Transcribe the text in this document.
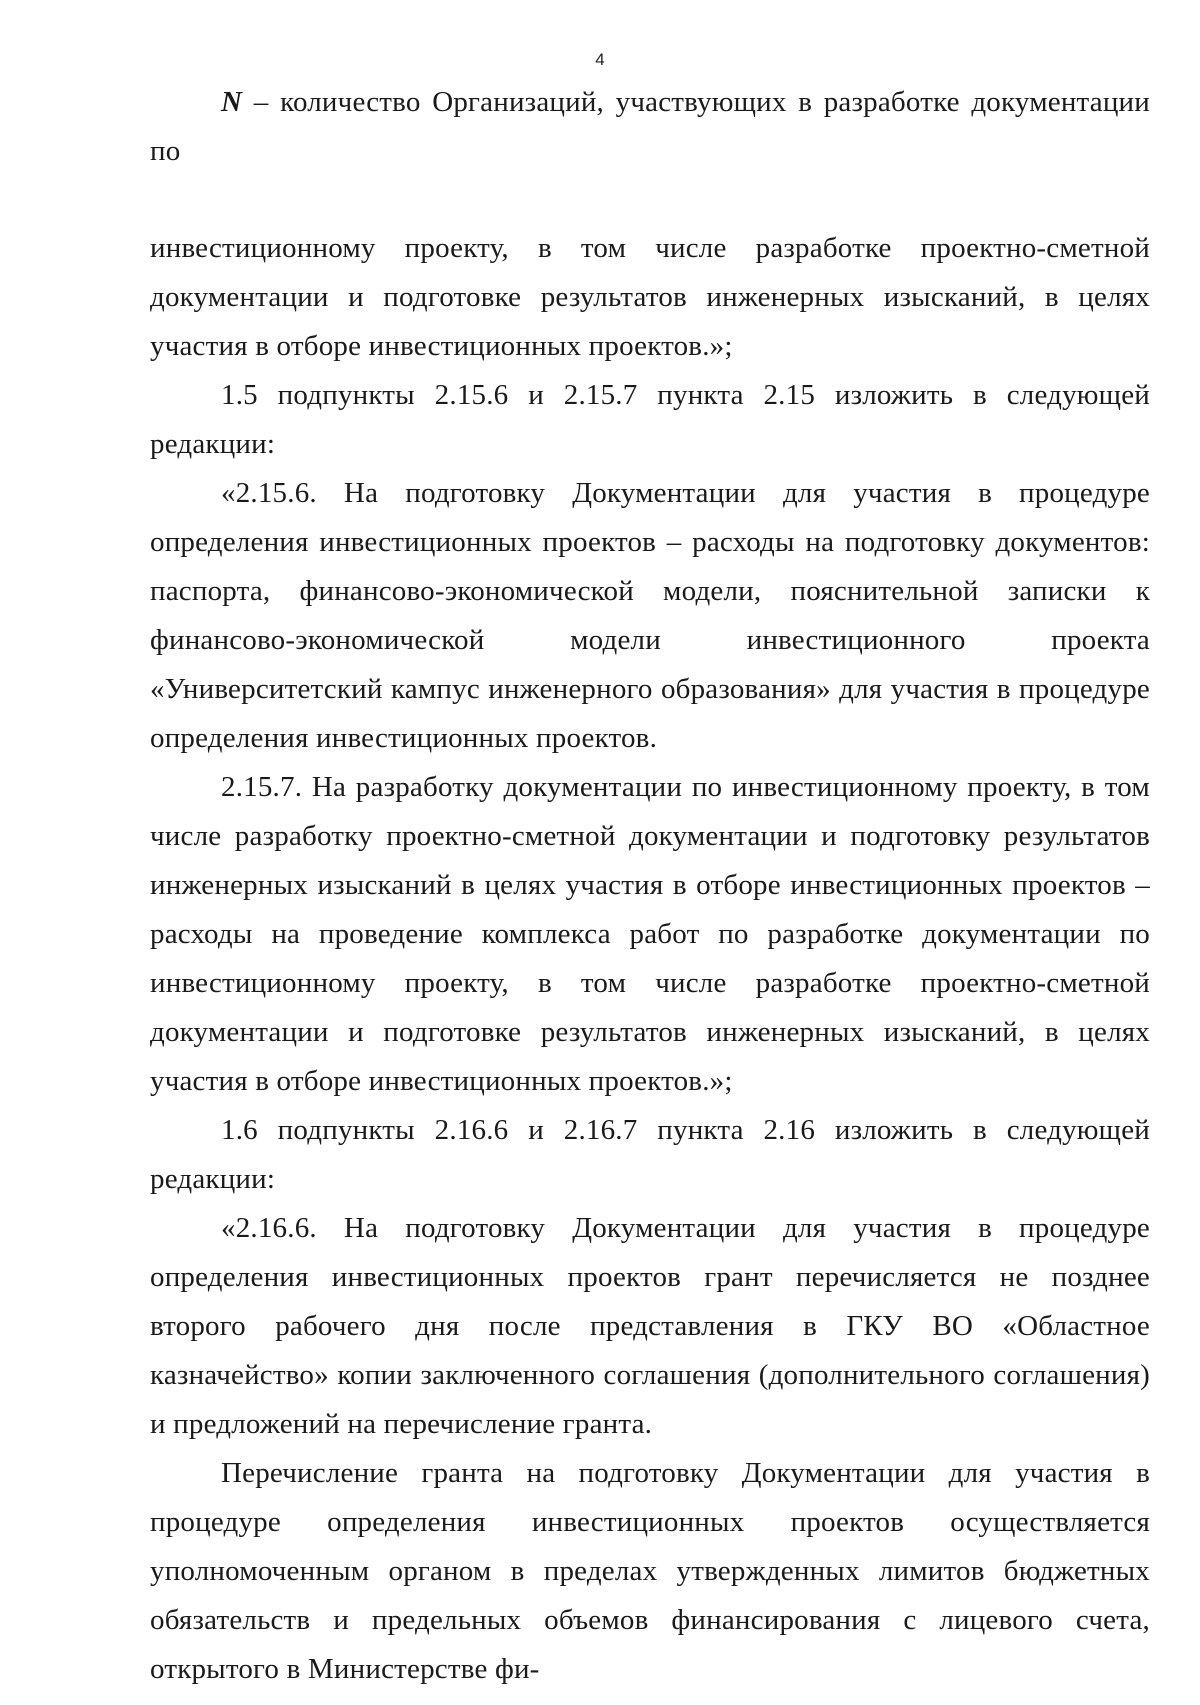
4

N – количество Организаций, участвующих в разработке документации по

инвестиционному проекту, в том числе разработке проектно-сметной документации и подготовке результатов инженерных изысканий, в целях участия в отборе инвестиционных проектов.»;

1.5 подпункты 2.15.6 и 2.15.7 пункта 2.15 изложить в следующей редакции:

«2.15.6. На подготовку Документации для участия в процедуре определения инвестиционных проектов – расходы на подготовку документов: паспорта, финансово-экономической модели, пояснительной записки к финансово-экономической модели инвестиционного проекта «Университетский кампус инженерного образования» для участия в процедуре определения инвестиционных проектов.

2.15.7. На разработку документации по инвестиционному проекту, в том числе разработку проектно-сметной документации и подготовку результатов инженерных изысканий в целях участия в отборе инвестиционных проектов – расходы на проведение комплекса работ по разработке документации по инвестиционному проекту, в том числе разработке проектно-сметной документации и подготовке результатов инженерных изысканий, в целях участия в отборе инвестиционных проектов.»;

1.6 подпункты 2.16.6 и 2.16.7 пункта 2.16 изложить в следующей редакции:

«2.16.6. На подготовку Документации для участия в процедуре определения инвестиционных проектов грант перечисляется не позднее второго рабочего дня после представления в ГКУ ВО «Областное казначейство» копии заключенного соглашения (дополнительного соглашения) и предложений на перечисление гранта.

Перечисление гранта на подготовку Документации для участия в процедуре определения инвестиционных проектов осуществляется уполномоченным органом в пределах утвержденных лимитов бюджетных обязательств и предельных объемов финансирования с лицевого счета, открытого в Министерстве фи-
